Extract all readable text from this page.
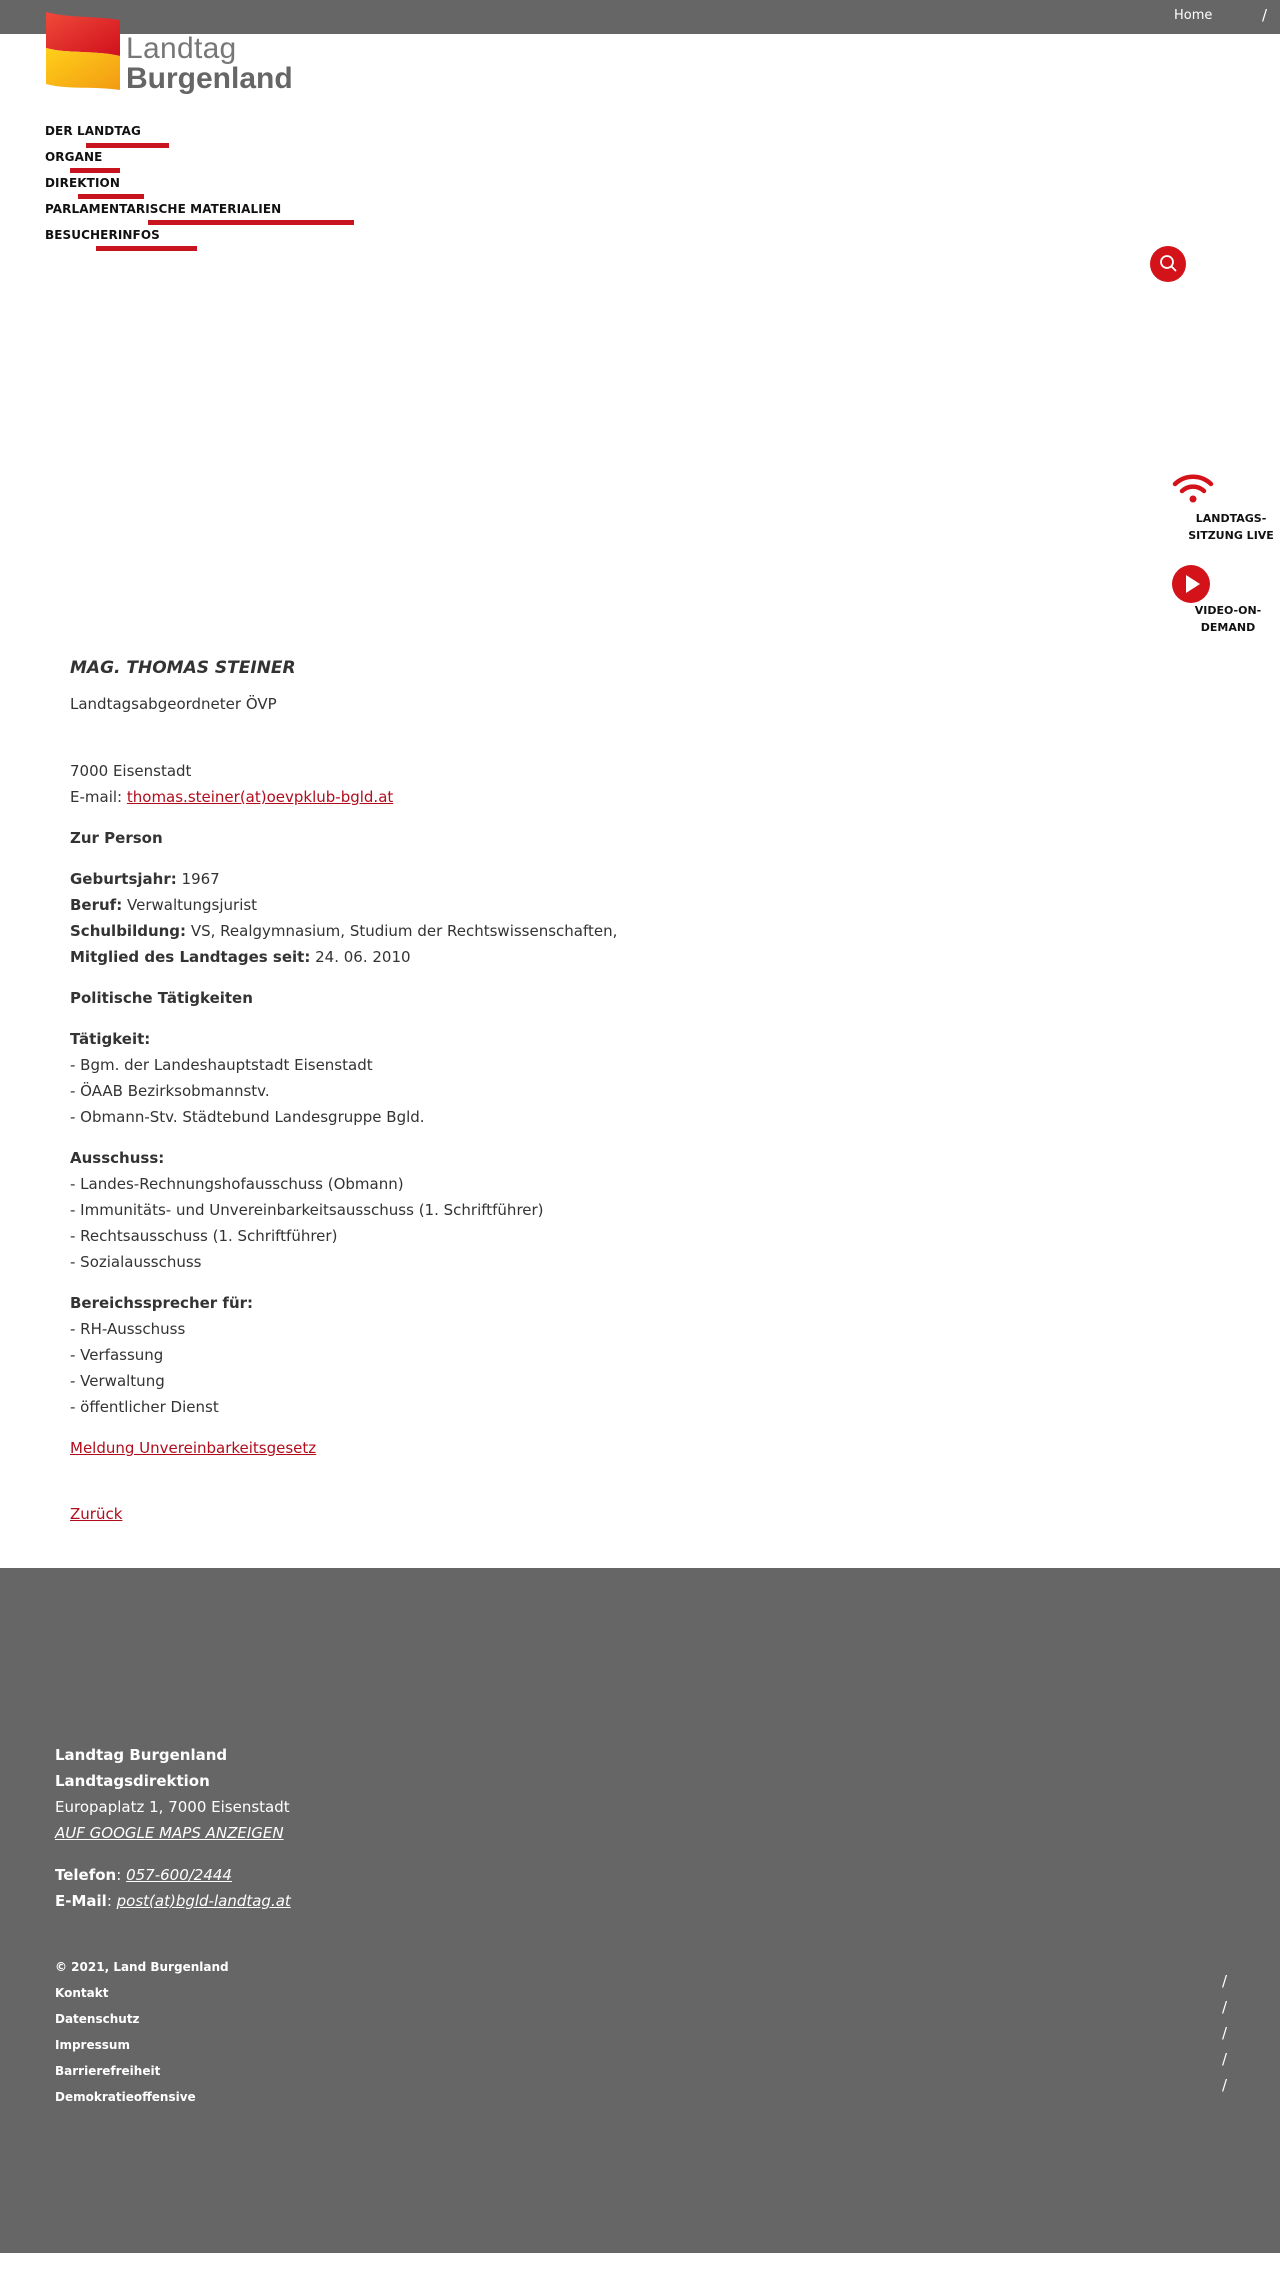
Home	/
Landtag
Burgenland
DER LANDTAG
ORGANE
DIREKTION
PARLAMENTARISCHE MATERIALIEN
BESUCHERINFOS
LANDTAGS-
SITZUNG LIVE
VIDEO-ON-
DEMAND
MAG. THOMAS STEINER

Landtagsabgeordneter ÖVP

7000 Eisenstadt

E-mail: thomas.steiner(at)oevpklub-bgld.at

Zur Person

Geburtsjahr: 1967

Beruf: Verwaltungsjurist

Schulbildung: VS, Realgymnasium, Studium der Rechtswissenschaften,

Mitglied des Landtages seit: 24. 06. 2010

Politische Tätigkeiten

Tätigkeit:

- Bgm. der Landeshauptstadt Eisenstadt

- ÖAAB Bezirksobmannstv.

- Obmann-Stv. Städtebund Landesgruppe Bgld.

Ausschuss:

- Landes-Rechnungshofausschuss (Obmann)

- Immunitäts- und Unvereinbarkeitsausschuss (1. Schriftführer)

- Rechtsausschuss (1. Schriftführer)

- Sozialausschuss

Bereichssprecher für:

- RH-Ausschuss

- Verfassung

- Verwaltung

- öffentlicher Dienst

Meldung Unvereinbarkeitsgesetz

Zurück

Landtag Burgenland
Landtagsdirektion
Europaplatz 1, 7000 Eisenstadt
AUF GOOGLE MAPS ANZEIGEN
Telefon: 057-600/2444
E-Mail: post(at)bgld-landtag.at
© 2021, Land Burgenland
Kontakt
Datenschutz
Impressum
Barrierefreiheit
Demokratieoffensive
/
/
/
/
/
